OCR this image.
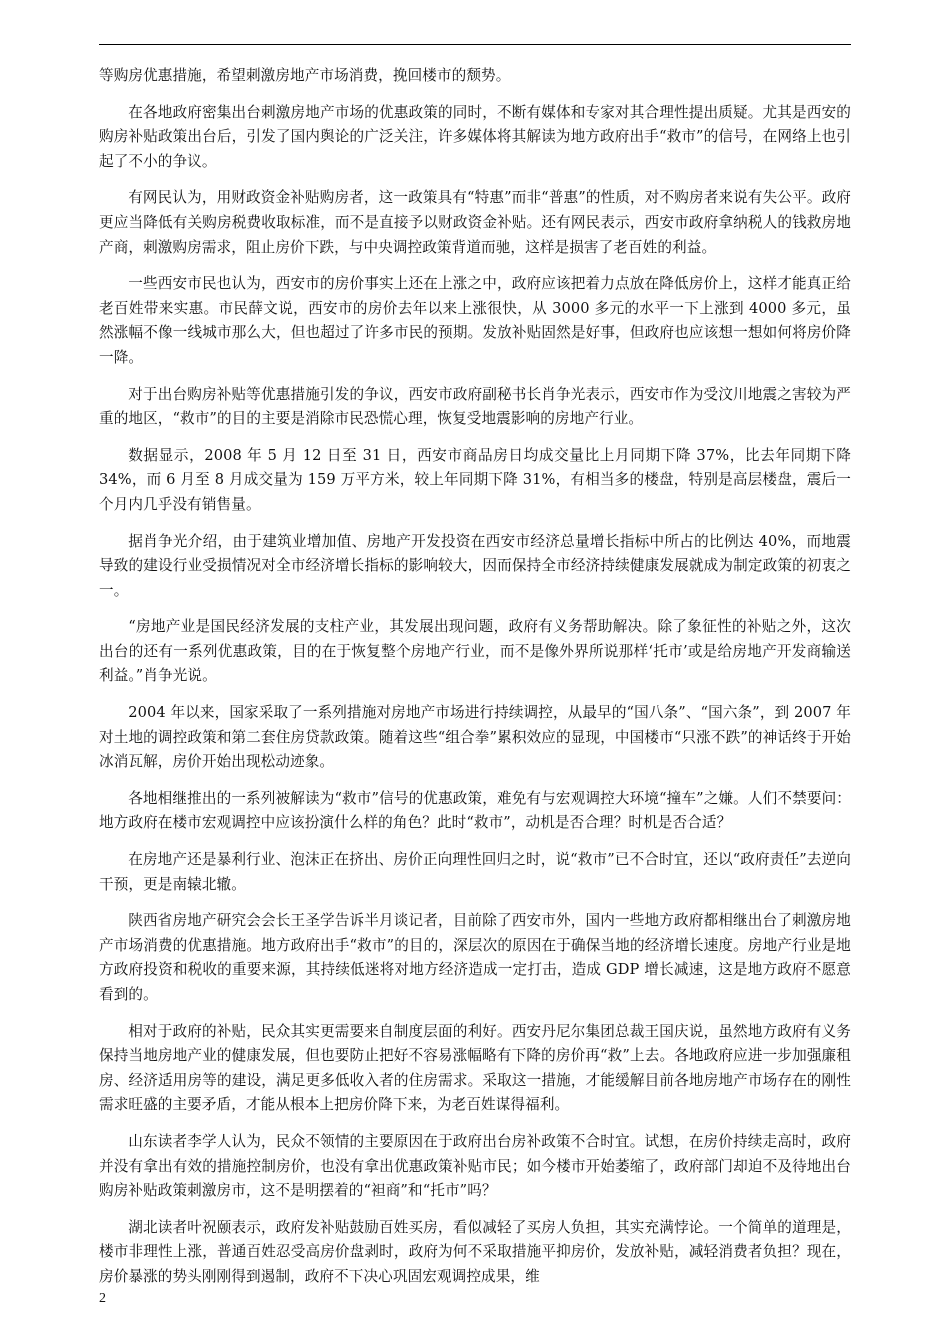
等购房优惠措施，希望刺激房地产市场消费，挽回楼市的颓势。

在各地政府密集出台刺激房地产市场的优惠政策的同时，不断有媒体和专家对其合理性提出质疑。尤其是西安的购房补贴政策出台后，引发了国内舆论的广泛关注，许多媒体将其解读为地方政府出手“救市”的信号，在网络上也引起了不小的争议。

有网民认为，用财政资金补贴购房者，这一政策具有“特惠”而非“普惠”的性质，对不购房者来说有失公平。政府更应当降低有关购房税费收取标准，而不是直接予以财政资金补贴。还有网民表示，西安市政府拿纳税人的钱救房地产商，刺激购房需求，阻止房价下跌，与中央调控政策背道而驰，这样是损害了老百姓的利益。

一些西安市民也认为，西安市的房价事实上还在上涨之中，政府应该把着力点放在降低房价上，这样才能真正给老百姓带来实惠。市民薛文说，西安市的房价去年以来上涨很快，从 3000 多元的水平一下上涨到 4000 多元，虽然涨幅不像一线城市那么大，但也超过了许多市民的预期。发放补贴固然是好事，但政府也应该想一想如何将房价降一降。

对于出台购房补贴等优惠措施引发的争议，西安市政府副秘书长肖争光表示，西安市作为受汶川地震之害较为严重的地区，“救市”的目的主要是消除市民恐慌心理，恢复受地震影响的房地产行业。

数据显示，2008 年 5 月 12 日至 31 日，西安市商品房日均成交量比上月同期下降 37%，比去年同期下降 34%，而 6 月至 8 月成交量为 159 万平方米，较上年同期下降 31%，有相当多的楼盘，特别是高层楼盘，震后一个月内几乎没有销售量。

据肖争光介绍，由于建筑业增加值、房地产开发投资在西安市经济总量增长指标中所占的比例达 40%，而地震导致的建设行业受损情况对全市经济增长指标的影响较大，因而保持全市经济持续健康发展就成为制定政策的初衷之一。

“房地产业是国民经济发展的支柱产业，其发展出现问题，政府有义务帮助解决。除了象征性的补贴之外，这次出台的还有一系列优惠政策，目的在于恢复整个房地产行业，而不是像外界所说那样‘托市’或是给房地产开发商输送利益。”肖争光说。

2004 年以来，国家采取了一系列措施对房地产市场进行持续调控，从最早的“国八条”、“国六条”，到 2007 年对土地的调控政策和第二套住房贷款政策。随着这些“组合拳”累积效应的显现，中国楼市“只涨不跌”的神话终于开始冰消瓦解，房价开始出现松动迹象。

各地相继推出的一系列被解读为“救市”信号的优惠政策，难免有与宏观调控大环境“撞车”之嫌。人们不禁要问：地方政府在楼市宏观调控中应该扮演什么样的角色？此时“救市”，动机是否合理？时机是否合适？

在房地产还是暴利行业、泡沫正在挤出、房价正向理性回归之时，说“救市”已不合时宜，还以“政府责任”去逆向干预，更是南辕北辙。

陕西省房地产研究会会长王圣学告诉半月谈记者，目前除了西安市外，国内一些地方政府都相继出台了刺激房地产市场消费的优惠措施。地方政府出手“救市”的目的，深层次的原因在于确保当地的经济增长速度。房地产行业是地方政府投资和税收的重要来源，其持续低迷将对地方经济造成一定打击，造成 GDP 增长减速，这是地方政府不愿意看到的。

相对于政府的补贴，民众其实更需要来自制度层面的利好。西安丹尼尔集团总裁王国庆说，虽然地方政府有义务保持当地房地产业的健康发展，但也要防止把好不容易涨幅略有下降的房价再“救”上去。各地政府应进一步加强廉租房、经济适用房等的建设，满足更多低收入者的住房需求。采取这一措施，才能缓解目前各地房地产市场存在的刚性需求旺盛的主要矛盾，才能从根本上把房价降下来，为老百姓谋得福利。

山东读者李学人认为，民众不领情的主要原因在于政府出台房补政策不合时宜。试想，在房价持续走高时，政府并没有拿出有效的措施控制房价，也没有拿出优惠政策补贴市民；如今楼市开始萎缩了，政府部门却迫不及待地出台购房补贴政策刺激房市，这不是明摆着的“袒商”和“托市”吗？

湖北读者叶祝颐表示，政府发补贴鼓励百姓买房，看似减轻了买房人负担，其实充满悖论。一个简单的道理是，楼市非理性上涨，普通百姓忍受高房价盘剥时，政府为何不采取措施平抑房价，发放补贴，减轻消费者负担？现在，房价暴涨的势头刚刚得到遏制，政府不下决心巩固宏观调控成果，维

2
